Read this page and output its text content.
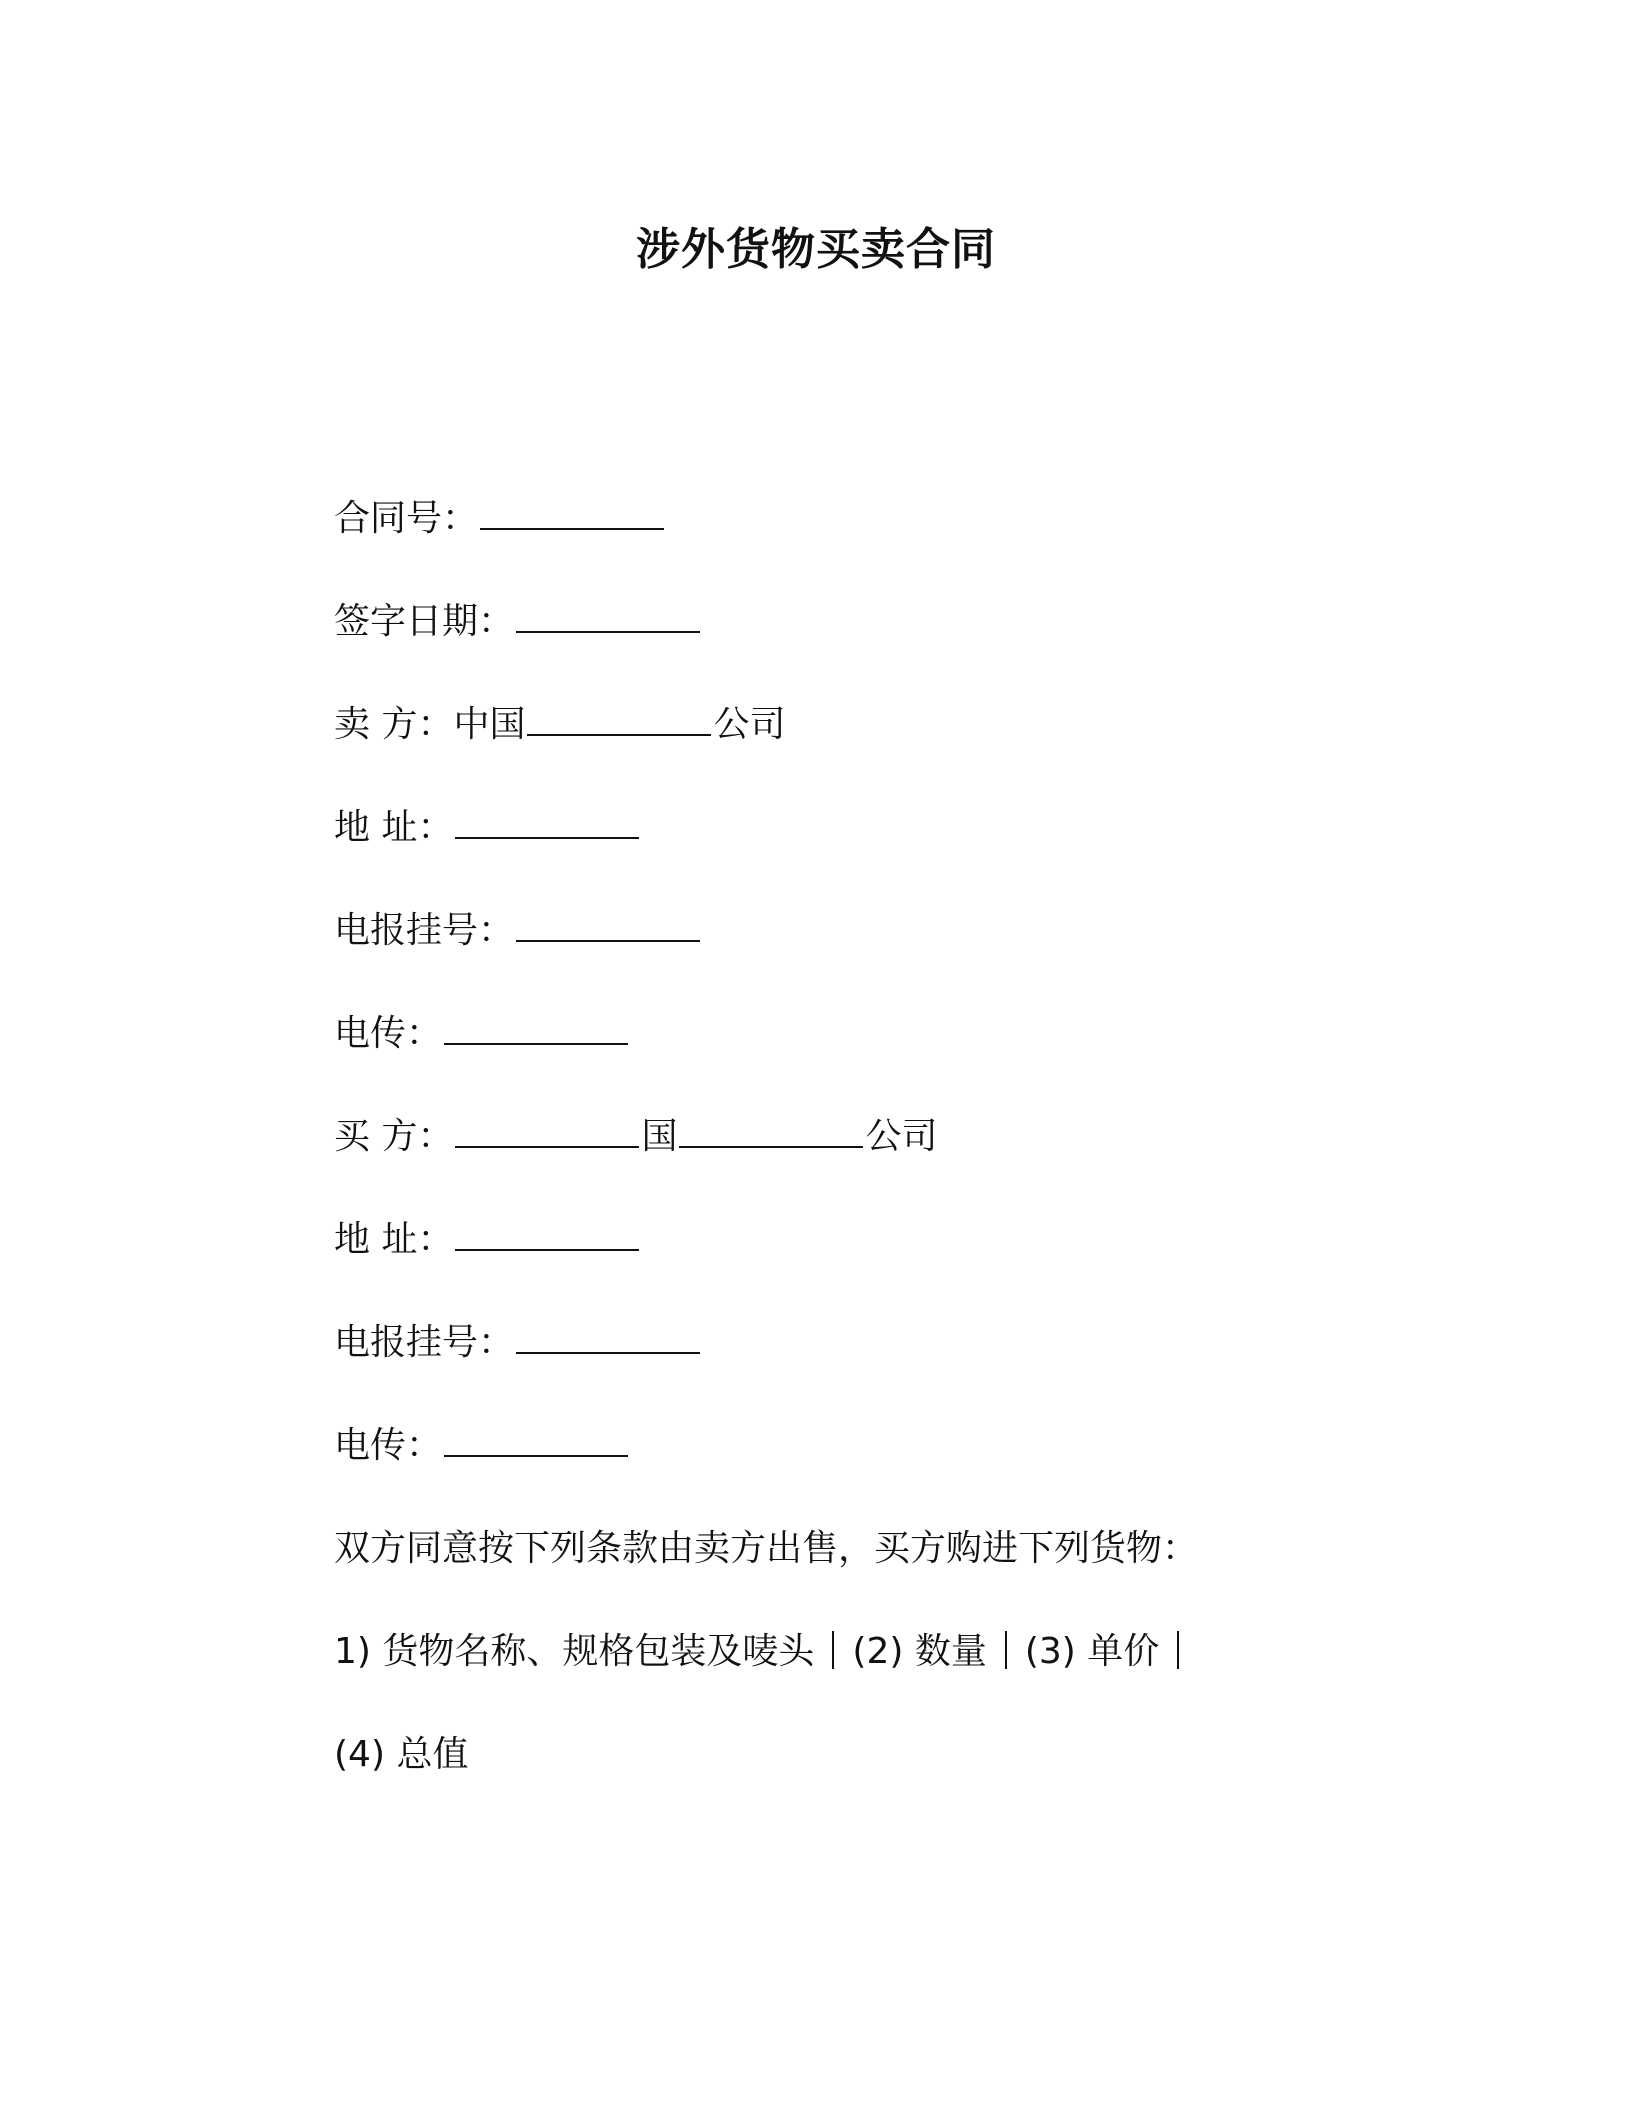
涉外货物买卖合同
合同号：
签字日期：
卖 方：中国	公司
地 址：
电报挂号：
电传：
买 方：	国	公司
地 址：
电报挂号：
电传：
双方同意按下列条款由卖方出售，买方购进下列货物：
1) 货物名称、规格包装及唛头 (2) 数量 (3) 单价
(4) 总值
